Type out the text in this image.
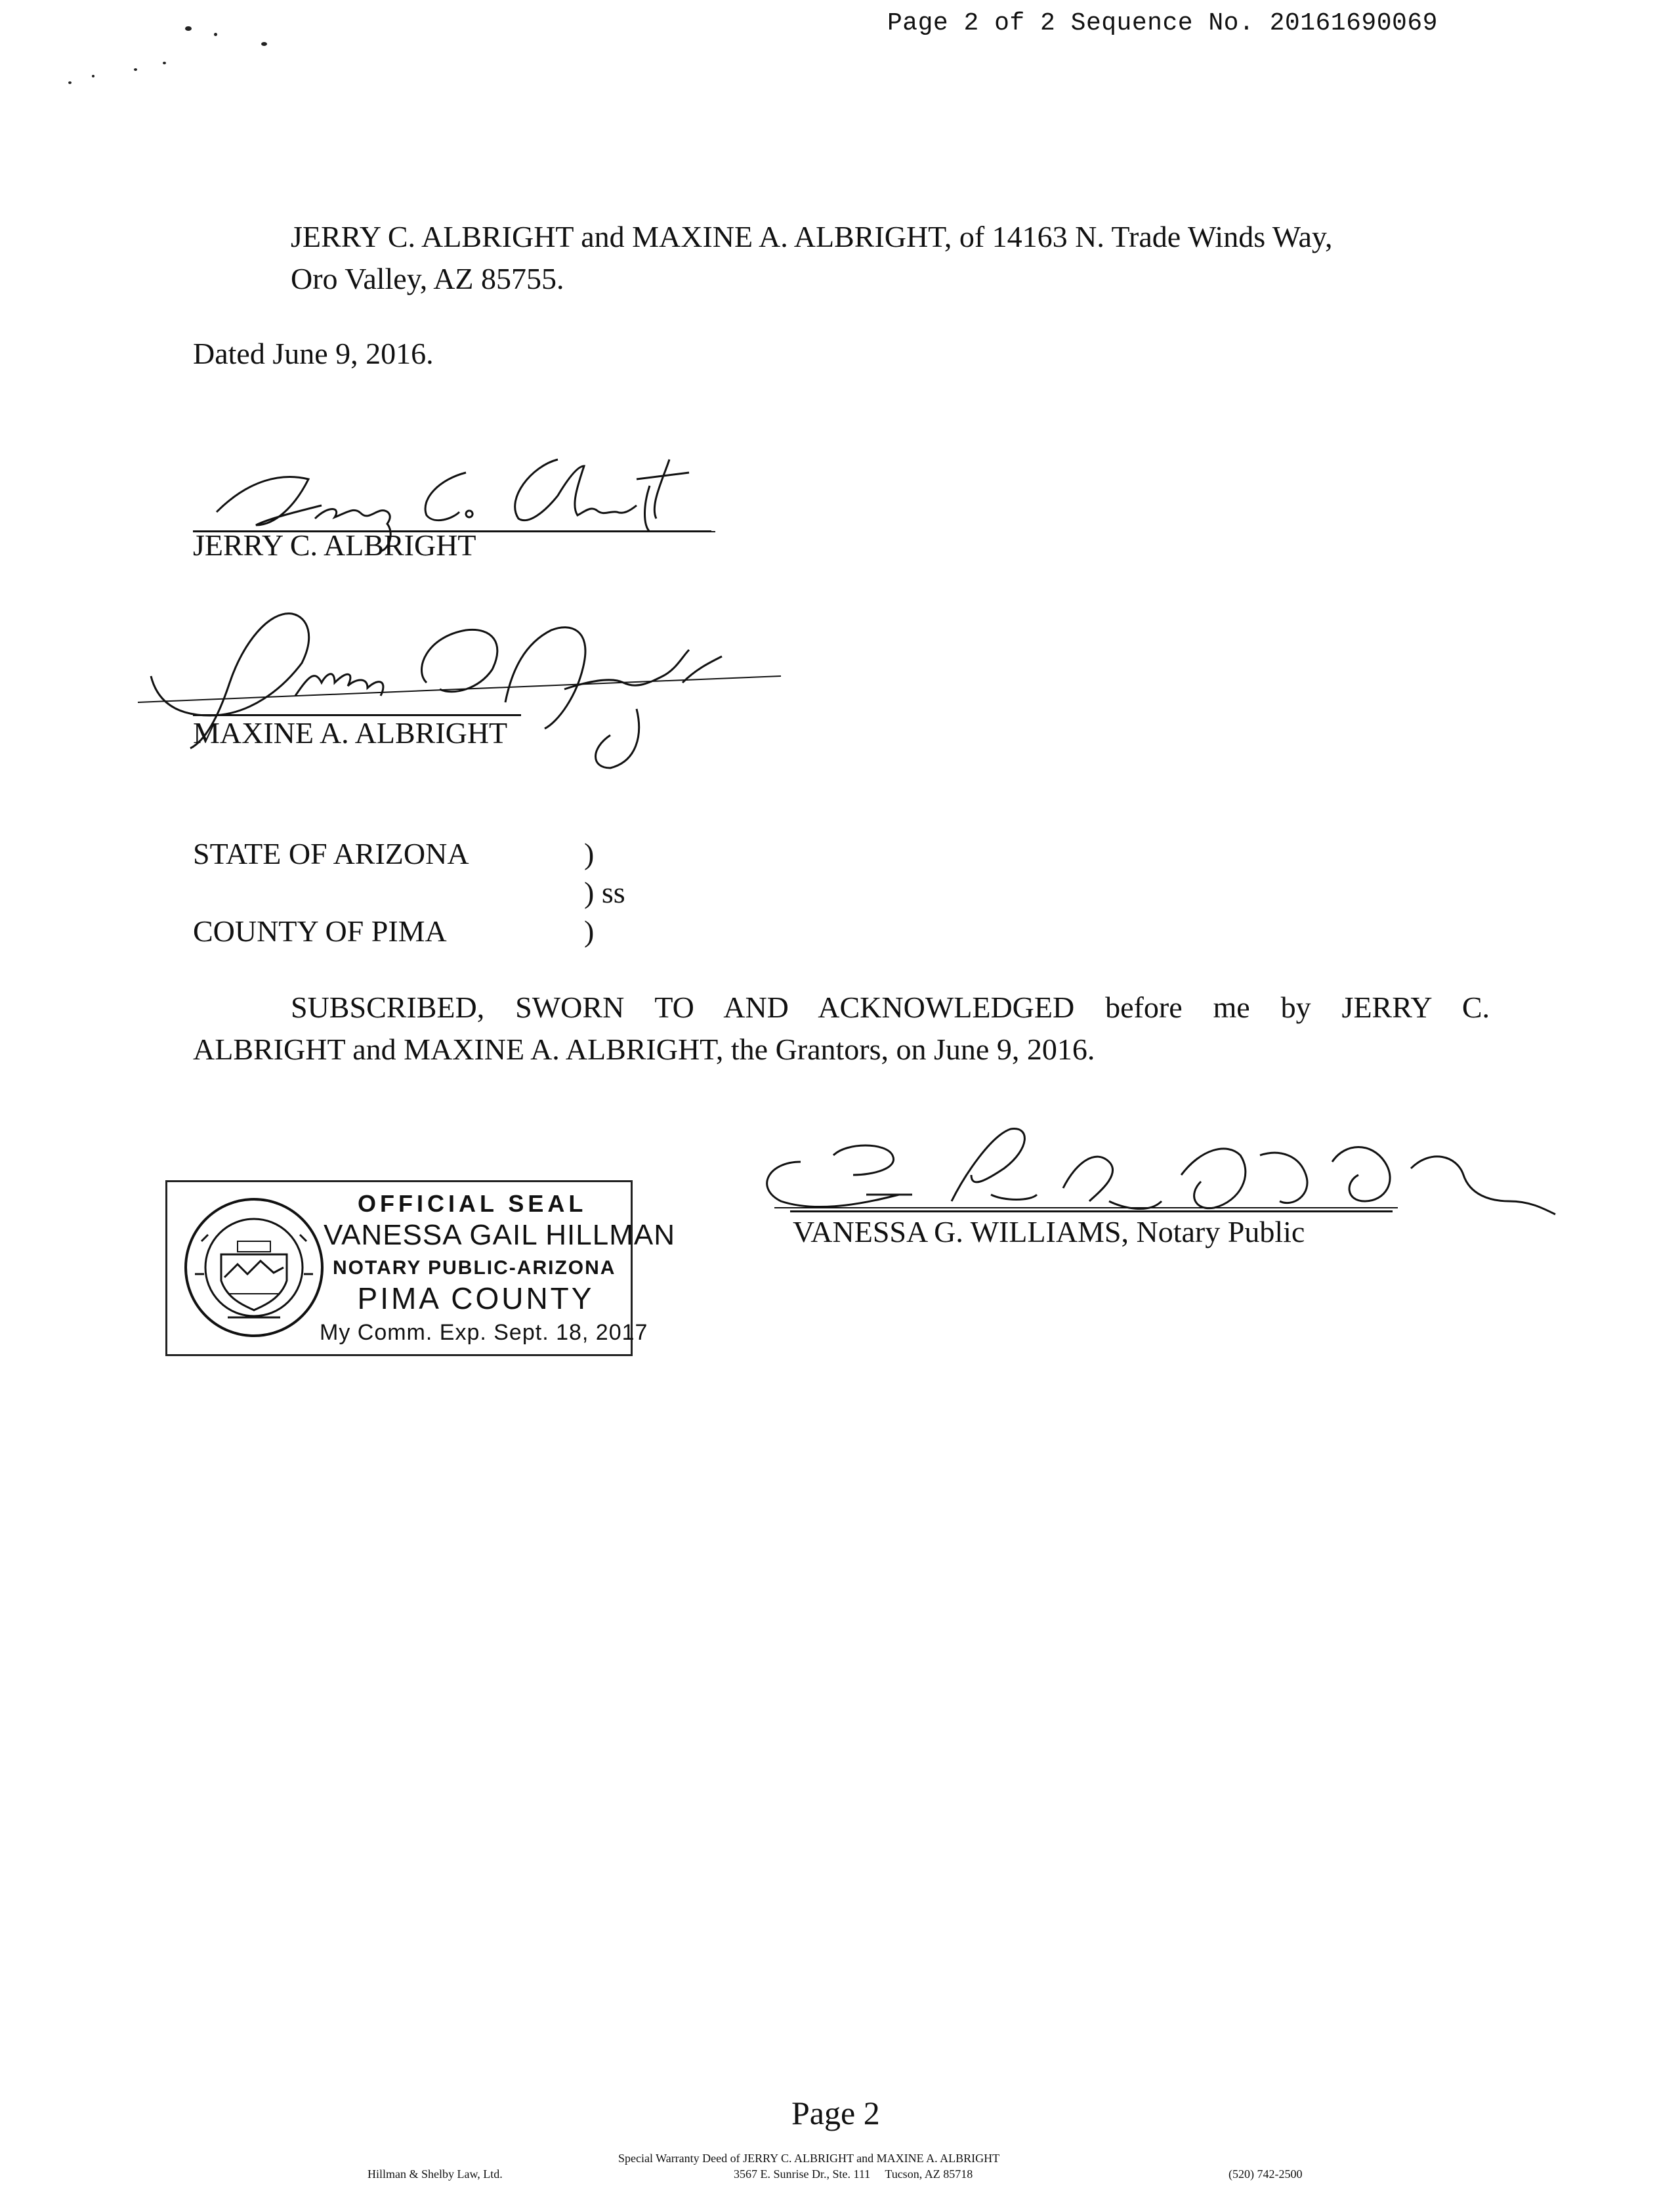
Page 2 of 2 Sequence No. 20161690069
JERRY C. ALBRIGHT and MAXINE A. ALBRIGHT, of 14163 N. Trade Winds Way,
Oro Valley, AZ 85755.
Dated June 9, 2016.
JERRY C. ALBRIGHT
MAXINE A. ALBRIGHT
STATE OF ARIZONA
COUNTY OF PIMA
)
) ss
)
SUBSCRIBED, SWORN TO AND ACKNOWLEDGED before me by JERRY C.
ALBRIGHT and MAXINE A. ALBRIGHT, the Grantors, on June 9, 2016.
VANESSA G. WILLIAMS, Notary Public
OFFICIAL SEAL
VANESSA GAIL HILLMAN
NOTARY PUBLIC-ARIZONA
PIMA COUNTY
My Comm. Exp. Sept. 18, 2017
Page 2
Special Warranty Deed of JERRY C. ALBRIGHT and MAXINE A. ALBRIGHT
Hillman & Shelby Law, Ltd.	3567 E. Sunrise Dr., Ste. 111     Tucson, AZ 85718	(520) 742-2500
